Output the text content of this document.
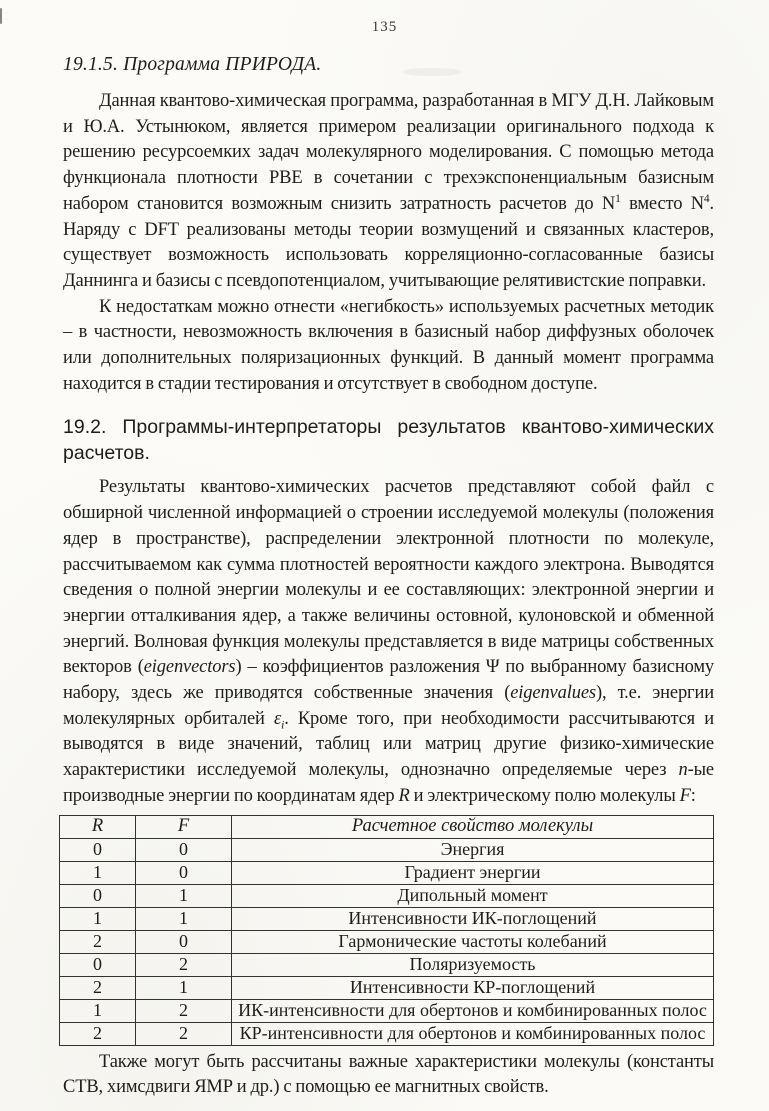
135
19.1.5. Программа ПРИРОДА.

Данная квантово-химическая программа, разработанная в МГУ Д.Н. Лайковым и Ю.А. Устынюком, является примером реализации оригинального подхода к решению ресурсоемких задач молекулярного моделирования. С помощью метода функционала плотности PBE в сочетании с трехэкспоненциальным базисным набором становится возможным снизить затратность расчетов до $N^1$ вместо $N^4$. Наряду с DFT реализованы методы теории возмущений и связанных кластеров, существует возможность использовать корреляционно-согласованные базисы Даннинга и базисы с псевдопотенциалом, учитывающие релятивистские поправки.

К недостаткам можно отнести «негибкость» используемых расчетных методик – в частности, невозможность включения в базисный набор диффузных оболочек или дополнительных поляризационных функций. В данный момент программа находится в стадии тестирования и отсутствует в свободном доступе.

19.2. Программы-интерпретаторы результатов квантово-химических расчетов.

Результаты квантово-химических расчетов представляют собой файл с обширной численной информацией о строении исследуемой молекулы (положения ядер в пространстве), распределении электронной плотности по молекуле, рассчитываемом как сумма плотностей вероятности каждого электрона. Выводятся сведения о полной энергии молекулы и ее составляющих: электронной энергии и энергии отталкивания ядер, а также величины остовной, кулоновской и обменной энергий. Волновая функция молекулы представляется в виде матрицы собственных векторов (eigenvectors) – коэффициентов разложения Ψ по выбранному базисному набору, здесь же приводятся собственные значения (eigenvalues), т.е. энергии молекулярных орбиталей $\varepsilon_i$. Кроме того, при необходимости рассчитываются и выводятся в виде значений, таблиц или матриц другие физико-химические характеристики исследуемой молекулы, однозначно определяемые через n-ые производные энергии по координатам ядер R и электрическому полю молекулы F:

R	F	Расчетное свойство молекулы
0	0	Энергия
1	0	Градиент энергии
0	1	Дипольный момент
1	1	Интенсивности ИК-поглощений
2	0	Гармонические частоты колебаний
0	2	Поляризуемость
2	1	Интенсивности КР-поглощений
1	2	ИК-интенсивности для обертонов и комбинированных полос
2	2	КР-интенсивности для обертонов и комбинированных полос

Также могут быть рассчитаны важные характеристики молекулы (константы СТВ, химсдвиги ЯМР и др.) с помощью ее магнитных свойств.
